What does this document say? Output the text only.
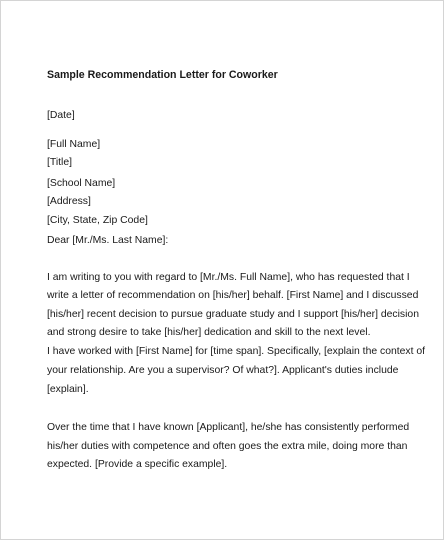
Sample Recommendation Letter for Coworker
[Date]
[Full Name]
[Title]
[School Name]
[Address]
[City, State, Zip Code]
Dear [Mr./Ms. Last Name]:
I am writing to you with regard to [Mr./Ms. Full Name], who has requested that I
write a letter of recommendation on [his/her] behalf. [First Name] and I discussed
[his/her] recent decision to pursue graduate study and I support [his/her] decision
and strong desire to take [his/her] dedication and skill to the next level.
I have worked with [First Name] for [time span]. Specifically, [explain the context of
your relationship. Are you a supervisor? Of what?]. Applicant's duties include
[explain].
Over the time that I have known [Applicant], he/she has consistently performed
his/her duties with competence and often goes the extra mile, doing more than
expected. [Provide a specific example].
